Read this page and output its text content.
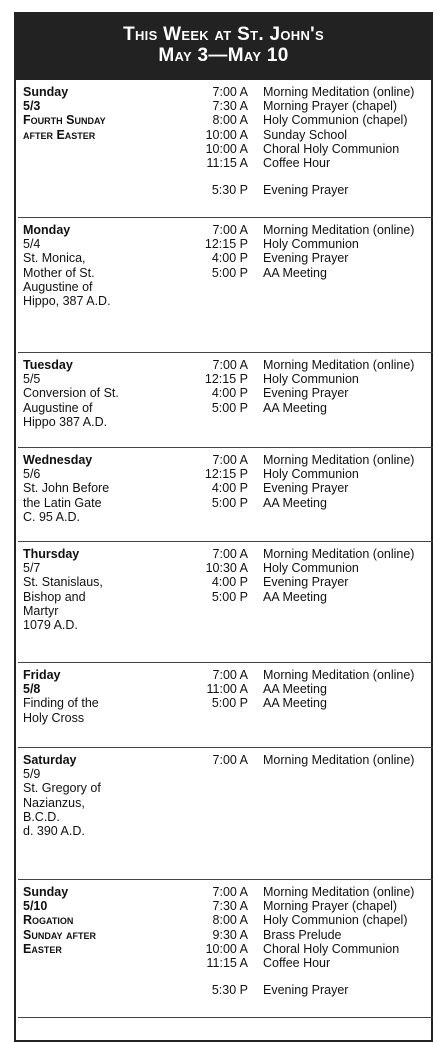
This Week at St. John's
May 3—May 10
Sunday
5/3
Fourth Sunday
after Easter
7:00 A
7:30 A
8:00 A
10:00 A
10:00 A
11:15 A
5:30 P
Morning Meditation (online)
Morning Prayer (chapel)
Holy Communion (chapel)
Sunday School
Choral Holy Communion
Coffee Hour
Evening Prayer
Monday
5/4
St. Monica,
Mother of St.
Augustine of
Hippo, 387 A.D.
7:00 A
12:15 P
4:00 P
5:00 P
Morning Meditation (online)
Holy Communion
Evening Prayer
AA Meeting
Tuesday
5/5
Conversion of St.
Augustine of
Hippo 387 A.D.
7:00 A
12:15 P
4:00 P
5:00 P
Morning Meditation (online)
Holy Communion
Evening Prayer
AA Meeting
Wednesday
5/6
St. John Before
the Latin Gate
C. 95 A.D.
7:00 A
12:15 P
4:00 P
5:00 P
Morning Meditation (online)
Holy Communion
Evening Prayer
AA Meeting
Thursday
5/7
St. Stanislaus,
Bishop and
Martyr
1079 A.D.
7:00 A
10:30 A
4:00 P
5:00 P
Morning Meditation (online)
Holy Communion
Evening Prayer
AA Meeting
Friday
5/8
Finding of the
Holy Cross
7:00 A
11:00 A
5:00 P
Morning Meditation (online)
AA Meeting
AA Meeting
Saturday
5/9
St. Gregory of
Nazianzus,
B.C.D.
d. 390 A.D.
7:00 A Morning Meditation (online)
Sunday
5/10
Rogation
Sunday after
Easter
7:00 A
7:30 A
8:00 A
9:30 A
10:00 A
11:15 A
5:30 P
Morning Meditation (online)
Morning Prayer (chapel)
Holy Communion (chapel)
Brass Prelude
Choral Holy Communion
Coffee Hour
Evening Prayer
